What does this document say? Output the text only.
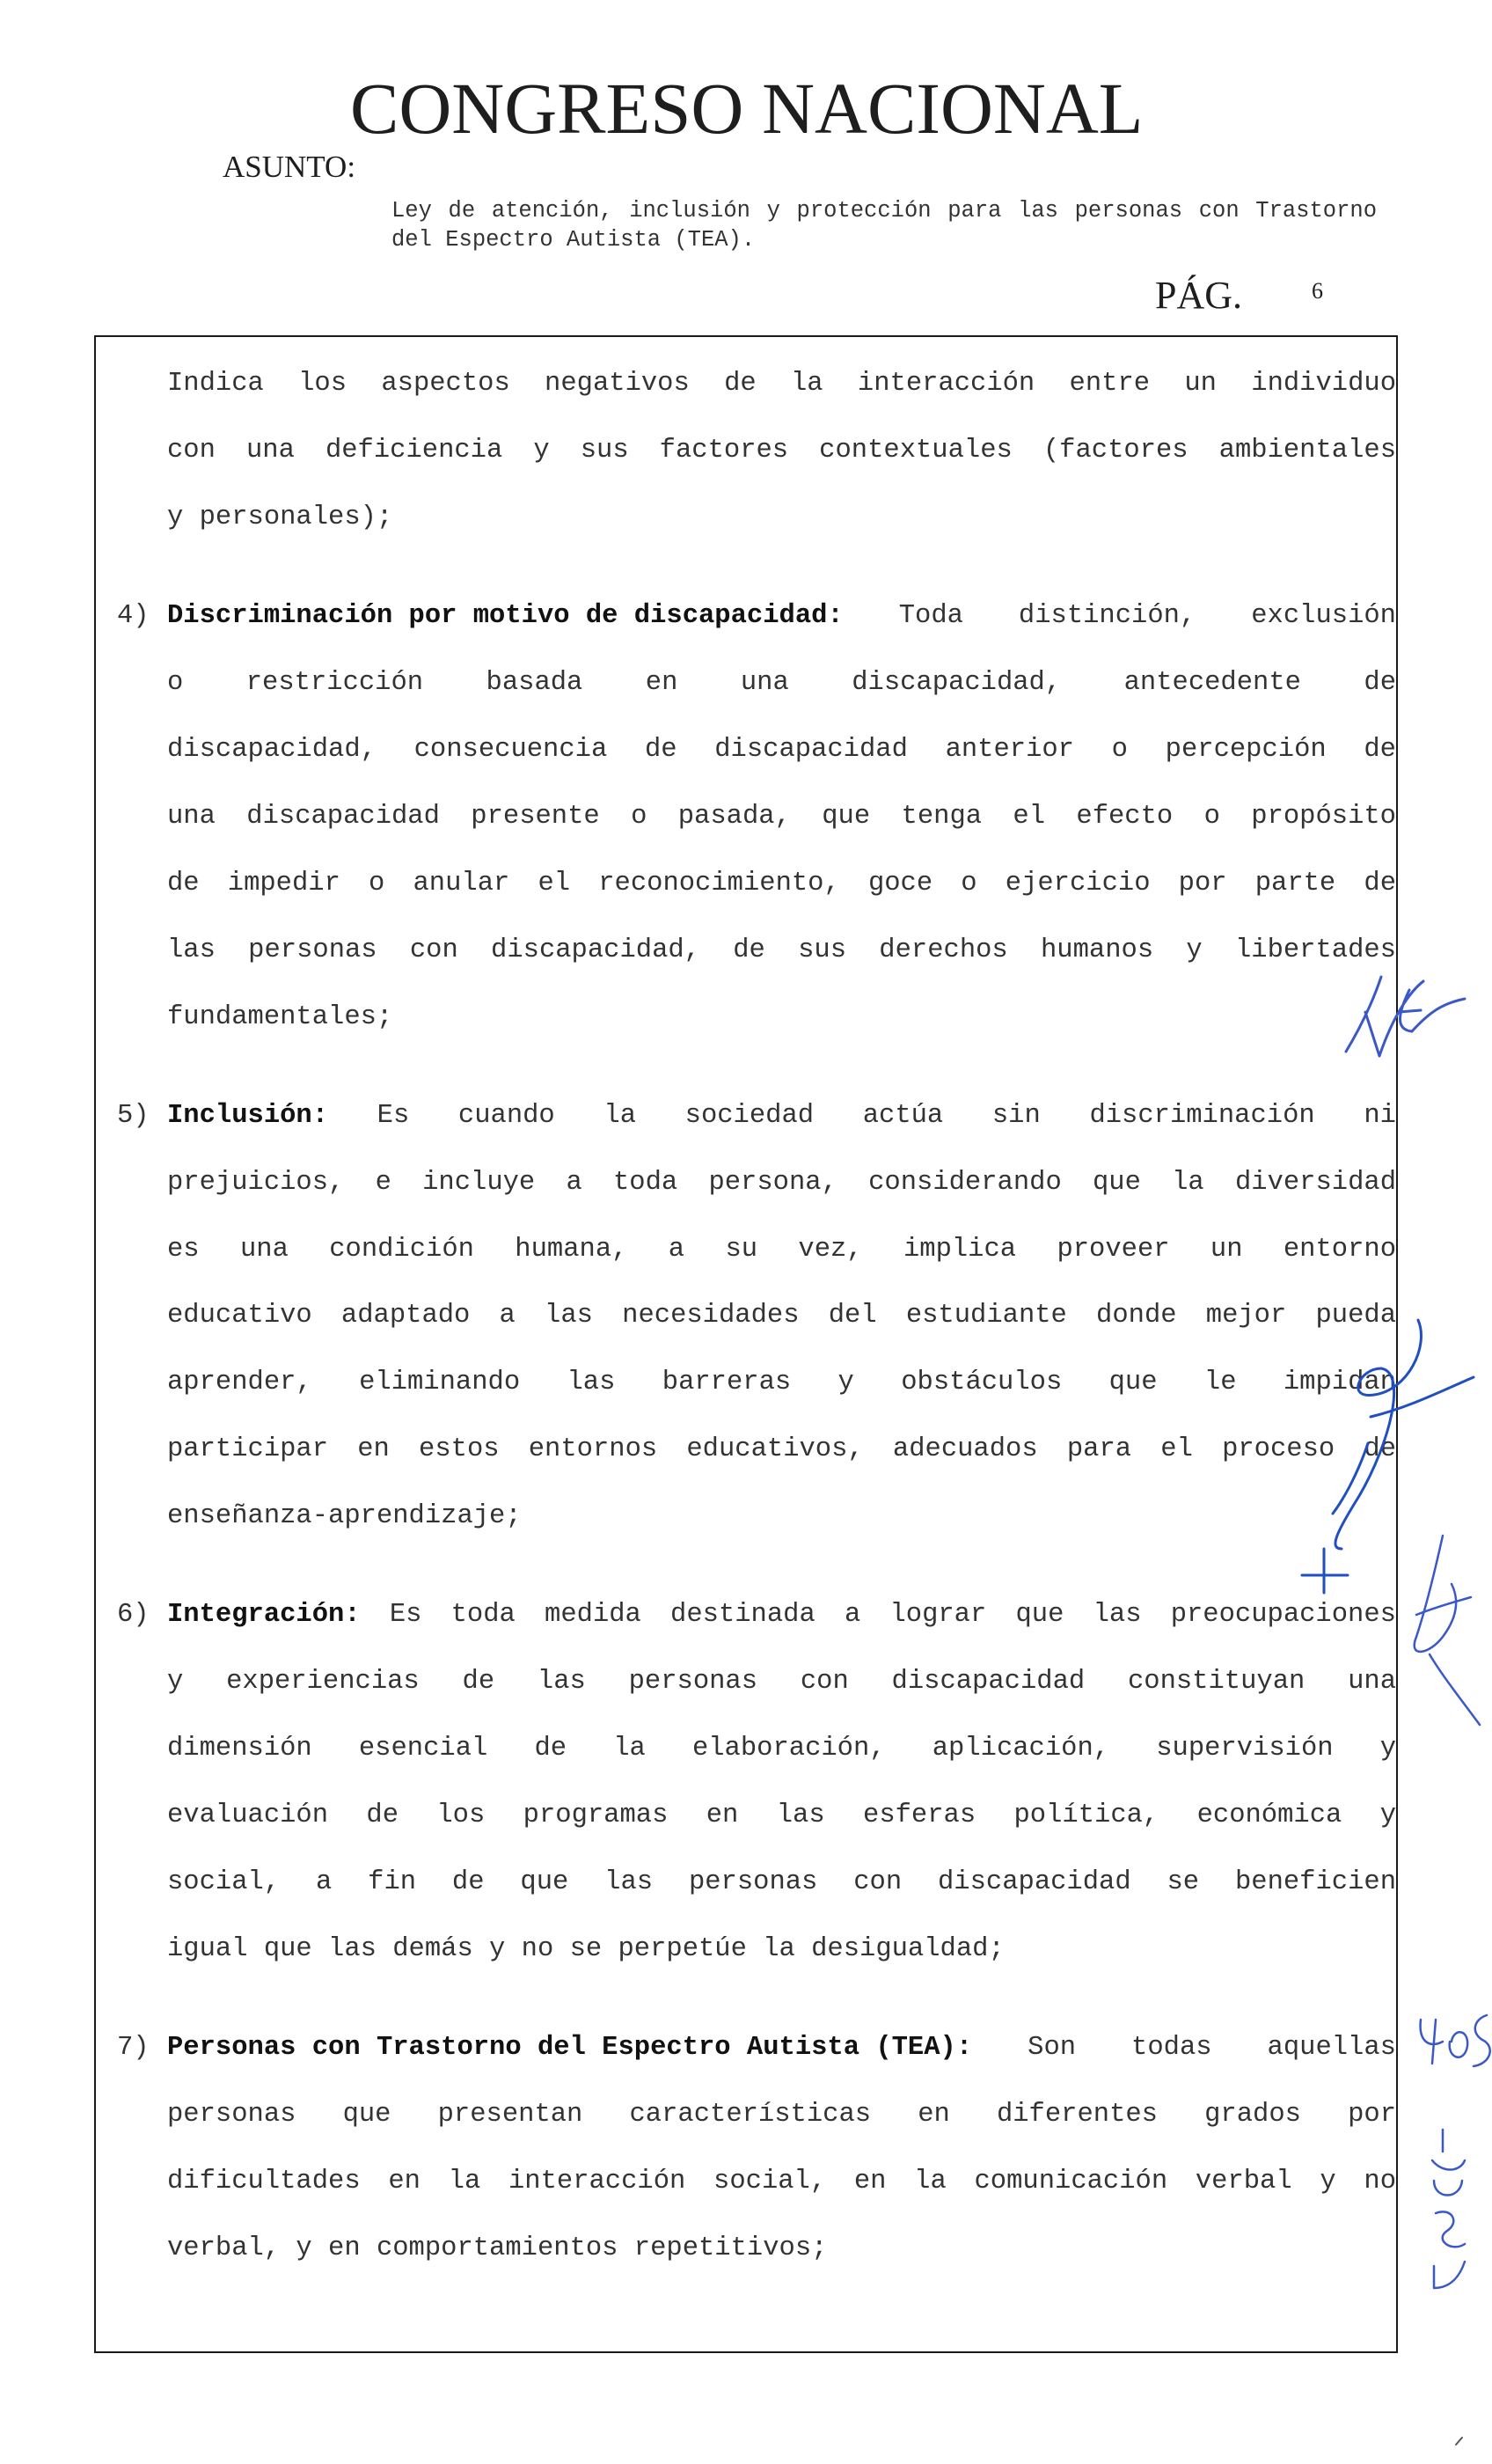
CONGRESO NACIONAL
ASUNTO:
Ley de atención, inclusión y protección para las personas con Trastorno del Espectro Autista (TEA).
PÁG.	6
Indica los aspectos negativos de la interacción entre un individuo
con una deficiencia y sus factores contextuales (factores ambientales
y personales);
4) Discriminación por motivo de discapacidad: Toda distinción, exclusión
o restricción basada en una discapacidad, antecedente de
discapacidad, consecuencia de discapacidad anterior o percepción de
una discapacidad presente o pasada, que tenga el efecto o propósito
de impedir o anular el reconocimiento, goce o ejercicio por parte de
las personas con discapacidad, de sus derechos humanos y libertades
fundamentales;
5) Inclusión: Es cuando la sociedad actúa sin discriminación ni
prejuicios, e incluye a toda persona, considerando que la diversidad
es una condición humana, a su vez, implica proveer un entorno
educativo adaptado a las necesidades del estudiante donde mejor pueda
aprender, eliminando las barreras y obstáculos que le impidan
participar en estos entornos educativos, adecuados para el proceso de
enseñanza-aprendizaje;
6) Integración: Es toda medida destinada a lograr que las preocupaciones
y experiencias de las personas con discapacidad constituyan una
dimensión esencial de la elaboración, aplicación, supervisión y
evaluación de los programas en las esferas política, económica y
social, a fin de que las personas con discapacidad se beneficien
igual que las demás y no se perpetúe la desigualdad;
7) Personas con Trastorno del Espectro Autista (TEA): Son todas aquellas
personas que presentan características en diferentes grados por
dificultades en la interacción social, en la comunicación verbal y no
verbal, y en comportamientos repetitivos;
